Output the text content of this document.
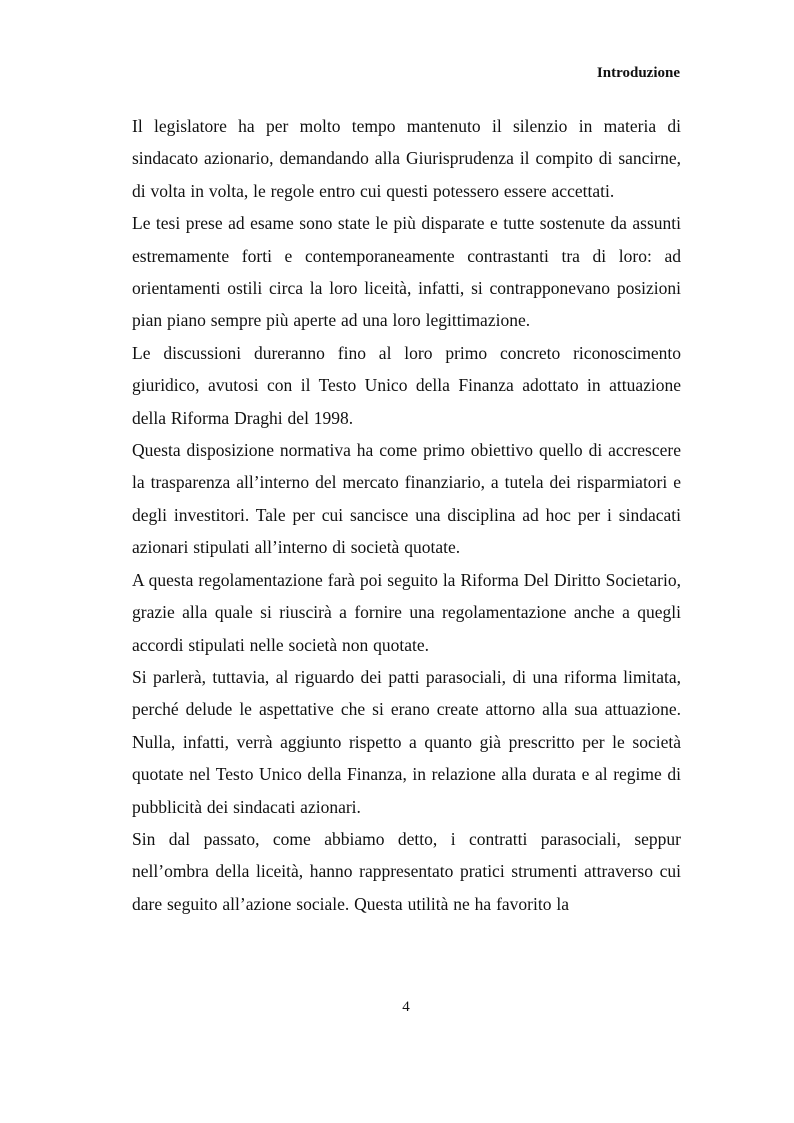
Introduzione

Il legislatore ha per molto tempo mantenuto il silenzio in materia di sindacato azionario, demandando alla Giurisprudenza il compito di sancirne, di volta in volta, le regole entro cui questi potessero essere accettati.

Le tesi prese ad esame sono state le più disparate e tutte sostenute da assunti estremamente forti e contemporaneamente contrastanti tra di loro: ad orientamenti ostili circa la loro liceità, infatti, si contrapponevano posizioni pian piano sempre più aperte ad una loro legittimazione.

Le discussioni dureranno fino al loro primo concreto riconoscimento giuridico, avutosi con il Testo Unico della Finanza adottato in attuazione della Riforma Draghi del 1998.

Questa disposizione normativa ha come primo obiettivo quello di accrescere la trasparenza all’interno del mercato finanziario, a tutela dei risparmiatori e degli investitori. Tale per cui sancisce una disciplina ad hoc per i sindacati azionari stipulati all’interno di società quotate.

A questa regolamentazione farà poi seguito la Riforma Del Diritto Societario, grazie alla quale si riuscirà a fornire una regolamentazione anche a quegli accordi stipulati nelle società non quotate.

Si parlerà, tuttavia, al riguardo dei patti parasociali, di una riforma limitata, perché delude le aspettative che si erano create attorno alla sua attuazione. Nulla, infatti, verrà aggiunto rispetto a quanto già prescritto per le società quotate nel Testo Unico della Finanza, in relazione alla durata e al regime di pubblicità dei sindacati azionari.

Sin dal passato, come abbiamo detto, i contratti parasociali, seppur nell’ombra della liceità, hanno rappresentato pratici strumenti attraverso cui dare seguito all’azione sociale. Questa utilità ne ha favorito la

4
